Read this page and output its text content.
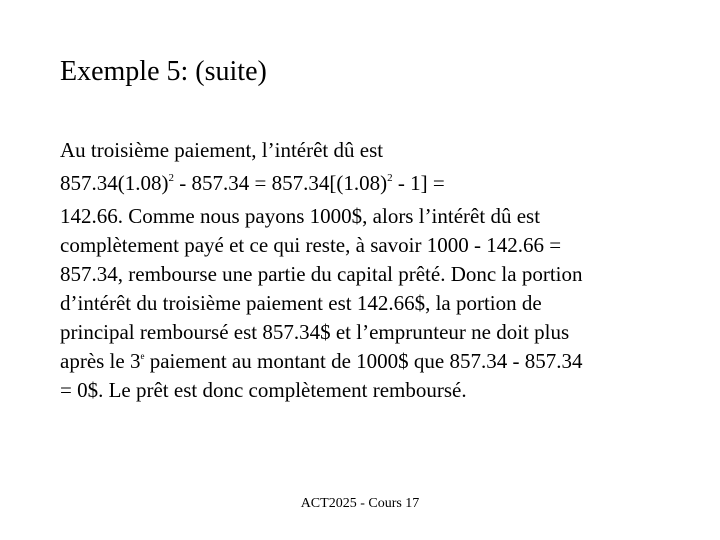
Exemple 5: (suite)
Au troisième paiement, l’intérêt dû est
$857.34(1.08)^2 - 857.34 = 857.34[(1.08)^2 - 1]$ =
142.66. Comme nous payons 1000$, alors l’intérêt dû est
complètement payé et ce qui reste, à savoir 1000 - 142.66 =
857.34, rembourse une partie du capital prêté. Donc la portion
d’intérêt du troisième paiement est 142.66$, la portion de
principal remboursé est 857.34$ et l’emprunteur ne doit plus
après le 3e paiement au montant de 1000$ que 857.34 - 857.34
= 0$. Le prêt est donc complètement remboursé.
ACT2025 - Cours 17
